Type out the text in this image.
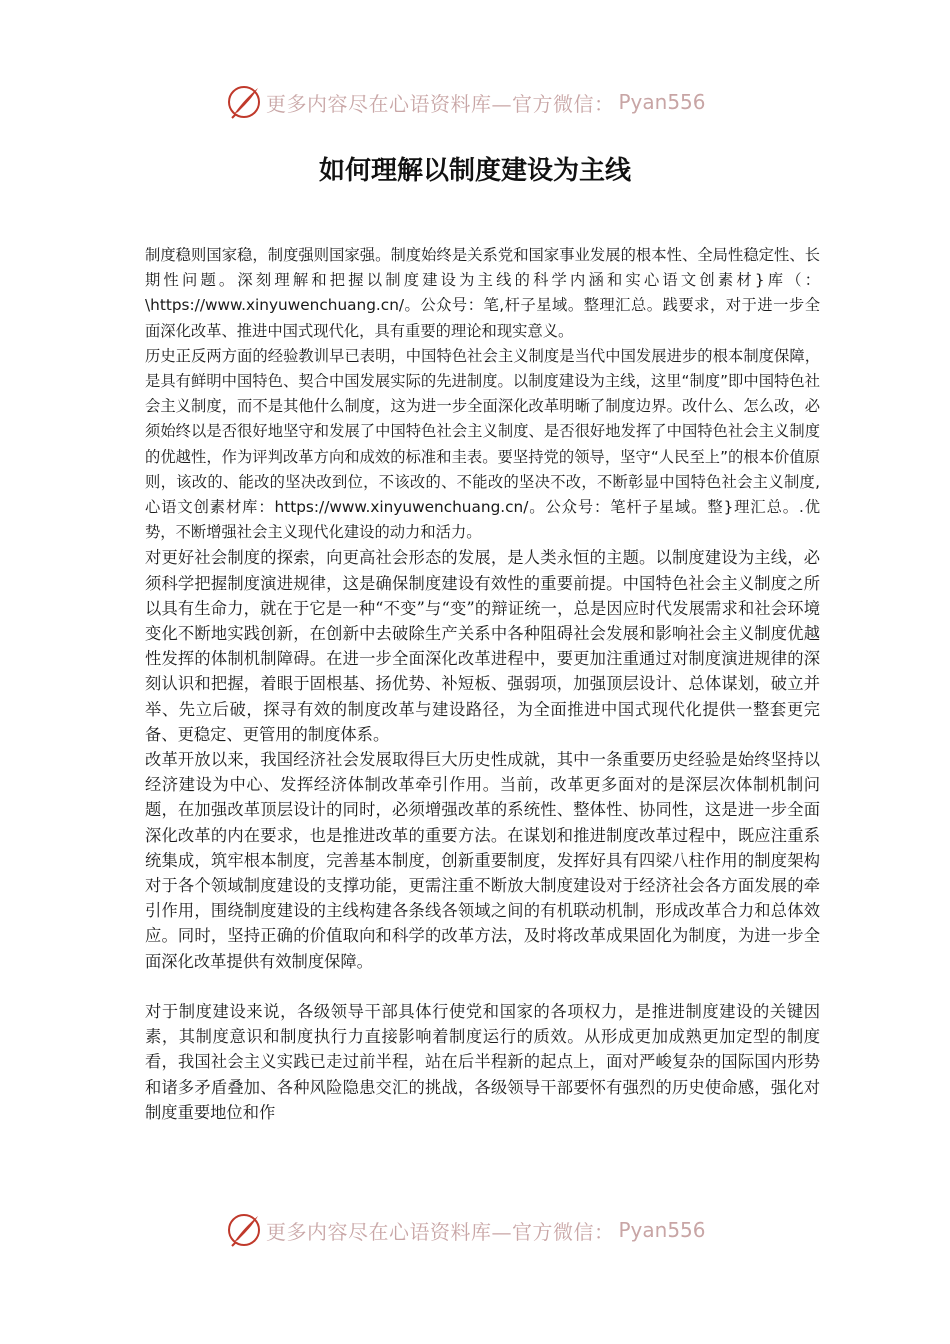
更多内容尽在心语资料库—官方微信： Pyan556
如何理解以制度建设为主线

制度稳则国家稳，制度强则国家强。制度始终是关系党和国家事业发展的根本性、全局性稳定性、长期性问题。深刻理解和把握以制度建设为主线的科学内涵和实心语文创素材}库（：\https://www.xinyuwenchuang.cn/。公众号：笔,杆子星域。整理汇总。践要求，对于进一步全面深化改革、推进中国式现代化，具有重要的理论和现实意义。

历史正反两方面的经验教训早已表明，中国特色社会主义制度是当代中国发展进步的根本制度保障，是具有鲜明中国特色、契合中国发展实际的先进制度。以制度建设为主线，这里“制度”即中国特色社会主义制度，而不是其他什么制度，这为进一步全面深化改革明晰了制度边界。改什么、怎么改，必须始终以是否很好地坚守和发展了中国特色社会主义制度、是否很好地发挥了中国特色社会主义制度的优越性，作为评判改革方向和成效的标准和圭表。要坚持党的领导，坚守“人民至上”的根本价值原则，该改的、能改的坚决改到位，不该改的、不能改的坚决不改，不断彰显中国特色社会主义制度,心语文创素材库：https://www.xinyuwenchuang.cn/。公众号：笔杆子星域。整}理汇总。.优势，不断增强社会主义现代化建设的动力和活力。

对更好社会制度的探索，向更高社会形态的发展，是人类永恒的主题。以制度建设为主线，必须科学把握制度演进规律，这是确保制度建设有效性的重要前提。中国特色社会主义制度之所以具有生命力，就在于它是一种“不变”与“变”的辩证统一，总是因应时代发展需求和社会环境变化不断地实践创新，在创新中去破除生产关系中各种阻碍社会发展和影响社会主义制度优越性发挥的体制机制障碍。在进一步全面深化改革进程中，要更加注重通过对制度演进规律的深刻认识和把握，着眼于固根基、扬优势、补短板、强弱项，加强顶层设计、总体谋划，破立并举、先立后破，探寻有效的制度改革与建设路径，为全面推进中国式现代化提供一整套更完备、更稳定、更管用的制度体系。

改革开放以来，我国经济社会发展取得巨大历史性成就，其中一条重要历史经验是始终坚持以经济建设为中心、发挥经济体制改革牵引作用。当前，改革更多面对的是深层次体制机制问题，在加强改革顶层设计的同时，必须增强改革的系统性、整体性、协同性，这是进一步全面深化改革的内在要求，也是推进改革的重要方法。在谋划和推进制度改革过程中，既应注重系统集成，筑牢根本制度，完善基本制度，创新重要制度，发挥好具有四梁八柱作用的制度架构对于各个领域制度建设的支撑功能，更需注重不断放大制度建设对于经济社会各方面发展的牵引作用，围绕制度建设的主线构建各条线各领域之间的有机联动机制，形成改革合力和总体效应。同时，坚持正确的价值取向和科学的改革方法，及时将改革成果固化为制度，为进一步全面深化改革提供有效制度保障。

对于制度建设来说，各级领导干部具体行使党和国家的各项权力，是推进制度建设的关键因素，其制度意识和制度执行力直接影响着制度运行的质效。从形成更加成熟更加定型的制度看，我国社会主义实践已走过前半程，站在后半程新的起点上，面对严峻复杂的国际国内形势和诸多矛盾叠加、各种风险隐患交汇的挑战，各级领导干部要怀有强烈的历史使命感，强化对制度重要地位和作

更多内容尽在心语资料库—官方微信： Pyan556
